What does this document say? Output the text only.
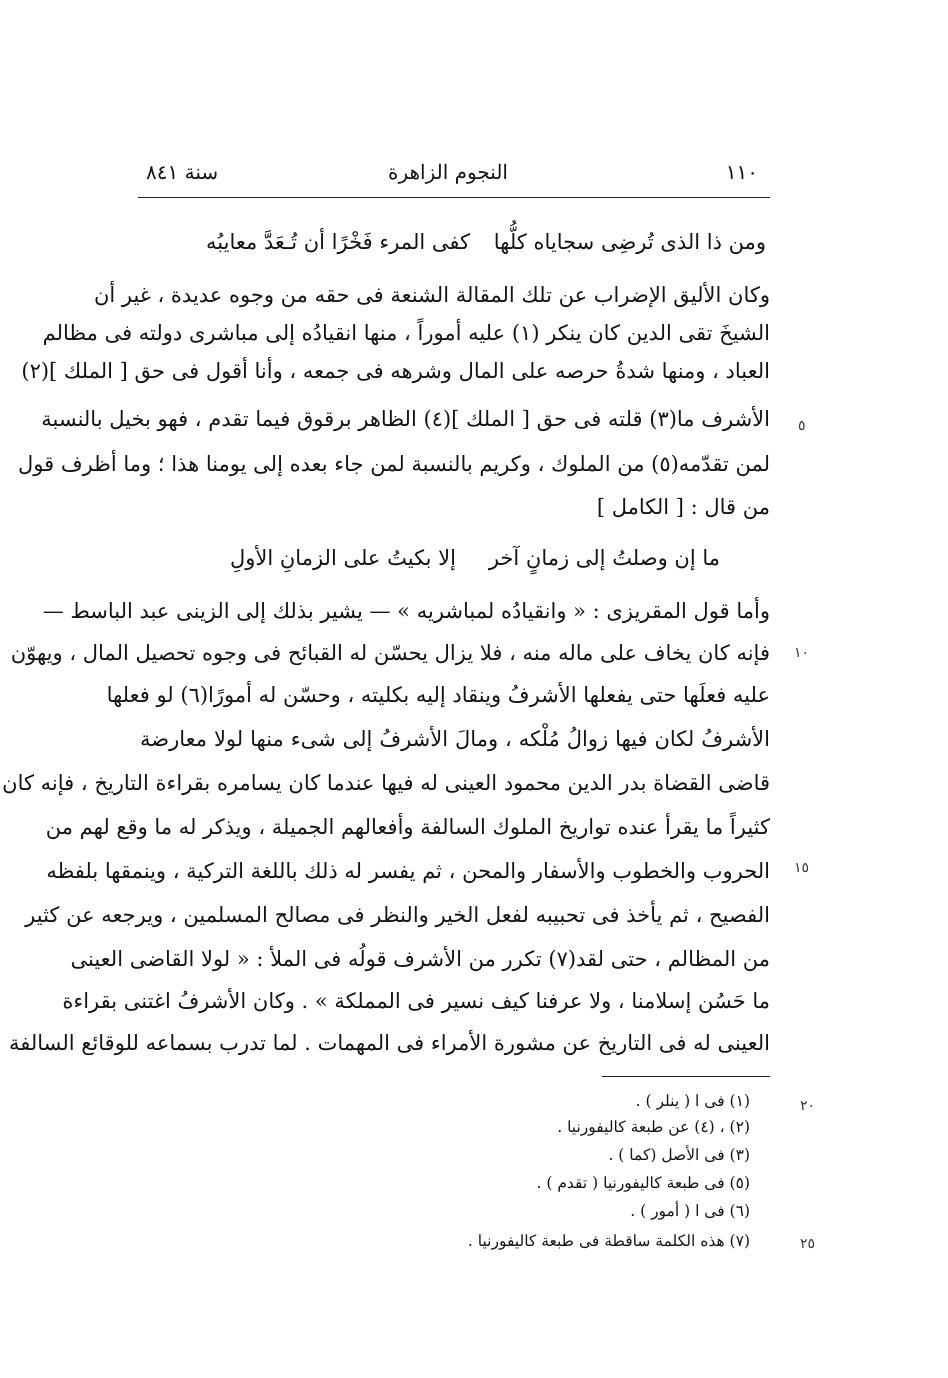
١١٠
النجوم الزاهرة
سنة ٨٤١
ومن ذا الذى تُرضِى سجاياه كلُّها
كفى المرء فَخْرًا أن تُـعَدَّ معايبُه
وكان الأليق الإضراب عن تلك المقالة الشنعة فى حقه من وجوه عديدة ، غير أن
الشيخَ تقى الدين كان ينكر (١) عليه أموراً ، منها انقيادُه إلى مباشرى دولته فى مظالم
العباد ، ومنها شدةُ حرصه على المال وشرهه فى جمعه ، وأنا أقول فى حق [ الملك ](٢)
الأشرف ما(٣) قلته فى حق [ الملك ](٤) الظاهر برقوق فيما تقدم ، فهو بخيل بالنسبة
لمن تقدّمه(٥) من الملوك ، وكريم بالنسبة لمن جاء بعده إلى يومنا هذا ؛ وما أظرف قول
من قال : [ الكامل ]
ما إن وصلتُ إلى زمانٍ آخر
إلا بكيتُ على الزمانِ الأولِ
وأما قول المقريزى : « وانقيادُه لمباشريه » — يشير بذلك إلى الزينى عبد الباسط —
فإنه كان يخاف على ماله منه ، فلا يزال يحسّن له القبائح فى وجوه تحصيل المال ، ويهوّن
عليه فعلَها حتى يفعلها الأشرفُ وينقاد إليه بكليته ، وحسّن له أمورًا(٦) لو فعلها
الأشرفُ لكان فيها زوالُ مُلْكه ، ومالَ الأشرفُ إلى شىء منها لولا معارضة
قاضى القضاة بدر الدين محمود العينى له فيها عندما كان يسامره بقراءة التاريخ ، فإنه كان
كثيراً ما يقرأ عنده تواريخ الملوك السالفة وأفعالهم الجميلة ، ويذكر له ما وقع لهم من
الحروب والخطوب والأسفار والمحن ، ثم يفسر له ذلك باللغة التركية ، وينمقها بلفظه
الفصيح ، ثم يأخذ فى تحبيبه لفعل الخير والنظر فى مصالح المسلمين ، ويرجعه عن كثير
من المظالم ، حتى لقد(٧) تكرر من الأشرف قولُه فى الملأ : « لولا القاضى العينى
ما حَسُن إسلامنا ، ولا عرفنا كيف نسير فى المملكة » . وكان الأشرفُ اغتنى بقراءة
العينى له فى التاريخ عن مشورة الأمراء فى المهمات . لما تدرب بسماعه للوقائع السالفة
٥
١٠
١٥
٢٠
٢٥
(١) فى ا ( ينلر ) .
(٢) ، (٤) عن طبعة كاليفورنيا .
(٣) فى الأصل (كما ) .
(٥) فى طبعة كاليفورنيا ( تقدم ) .
(٦) فى ا ( أمور ) .
(٧) هذه الكلمة ساقطة فى طبعة كاليفورنيا .
